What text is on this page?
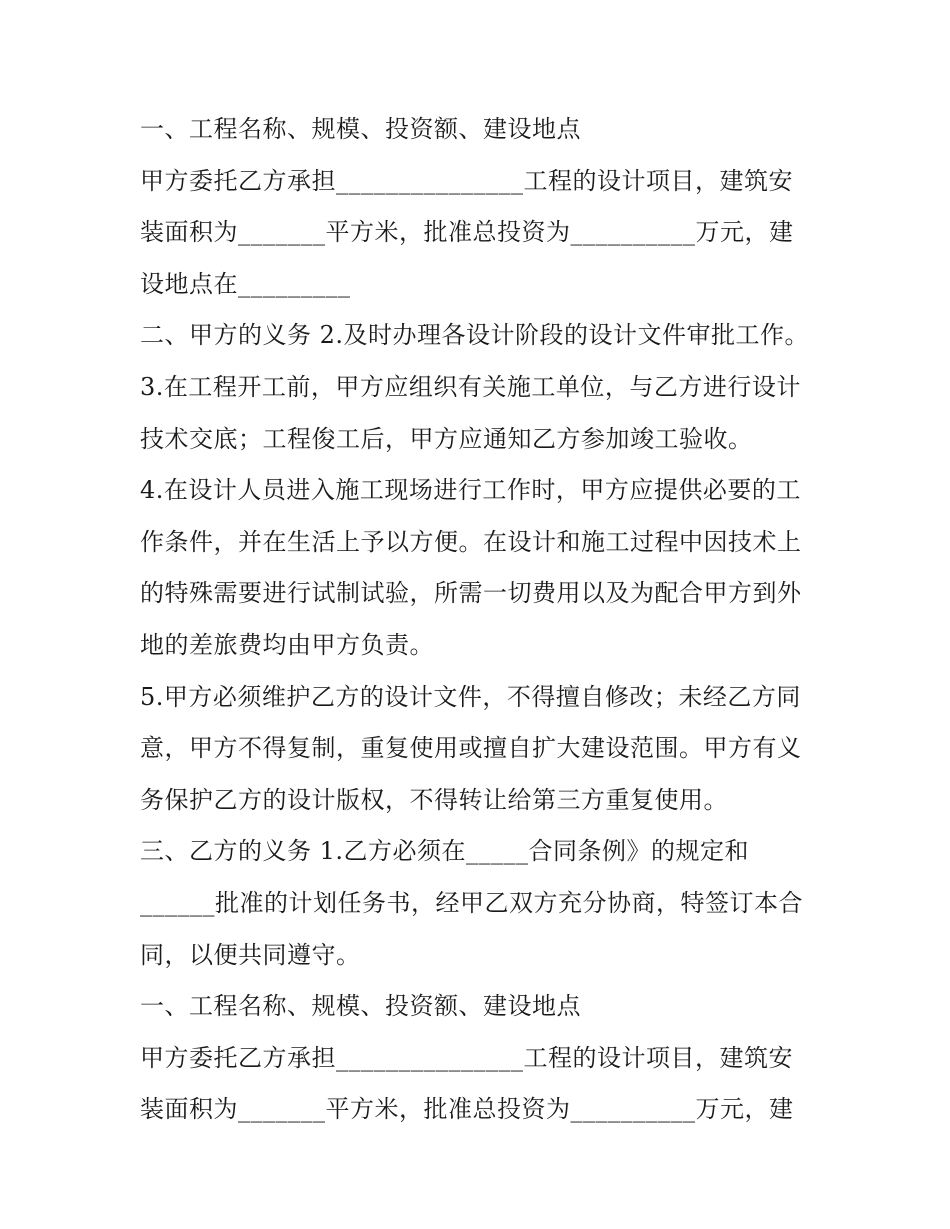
一、工程名称、规模、投资额、建设地点
甲方委托乙方承担_______________工程的设计项目，建筑安
装面积为_______平方米，批准总投资为__________万元，建
设地点在_________
二、甲方的义务 2.及时办理各设计阶段的设计文件审批工作。
3.在工程开工前，甲方应组织有关施工单位，与乙方进行设计
技术交底；工程俊工后，甲方应通知乙方参加竣工验收。
4.在设计人员进入施工现场进行工作时，甲方应提供必要的工
作条件，并在生活上予以方便。在设计和施工过程中因技术上
的特殊需要进行试制试验，所需一切费用以及为配合甲方到外
地的差旅费均由甲方负责。
5.甲方必须维护乙方的设计文件，不得擅自修改；未经乙方同
意，甲方不得复制，重复使用或擅自扩大建设范围。甲方有义
务保护乙方的设计版权，不得转让给第三方重复使用。
三、乙方的义务 1.乙方必须在_____合同条例》的规定和
______批准的计划任务书，经甲乙双方充分协商，特签订本合
同，以便共同遵守。
一、工程名称、规模、投资额、建设地点
甲方委托乙方承担_______________工程的设计项目，建筑安
装面积为_______平方米，批准总投资为__________万元，建
